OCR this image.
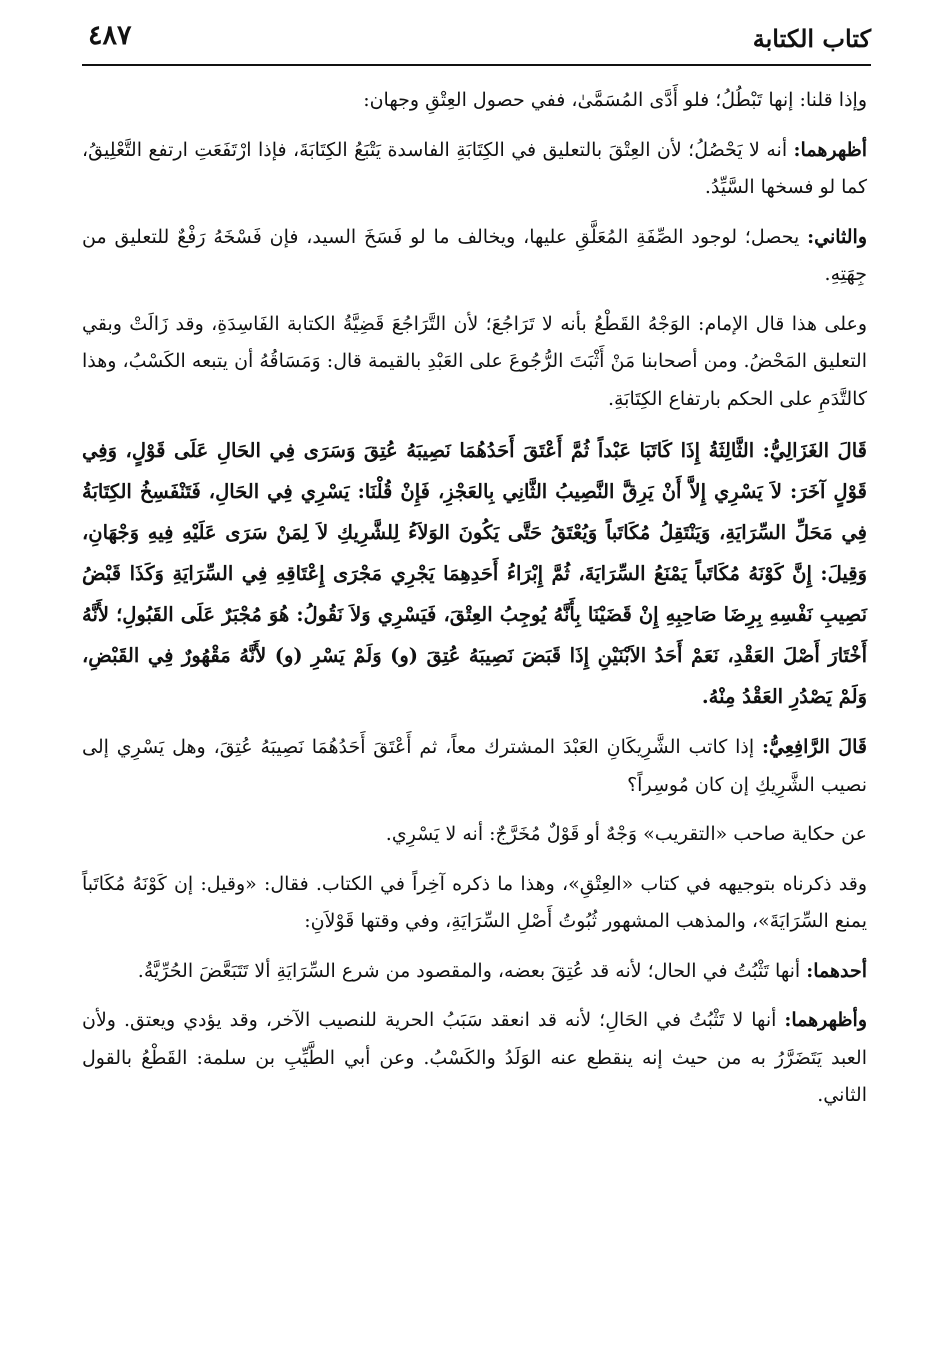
كتاب الكتابة
٤٨٧

وإذا قلنا: إنها تَبْطُلُ؛ فلو أَدَّى المُسَمَّىٰ، ففي حصول العِتْقِ وجهان:

أظهرهما: أنه لا يَحْصُلُ؛ لأن العِتْقَ بالتعليق في الكِتَابَةِ الفاسدة يَتْبَعُ الكِتَابَةَ، فإذا ارْتَفَعَتِ ارتفع التَّعْلِيقُ، كما لو فسخها السَّيِّدُ.

والثاني: يحصل؛ لوجود الصِّفَةِ المُعَلَّقِ عليها، ويخالف ما لو فَسَخَ السيد، فإن فَسْخَهُ رَفْعٌ للتعليق من جِهَتِهِ.

وعلى هذا قال الإمام: الوَجْهُ القَطْعُ بأنه لا تَرَاجُعَ؛ لأن التَّرَاجُعَ قَضِيَّةُ الكتابة الفَاسِدَةِ، وقد زَالَتْ وبقي التعليق المَحْضُ. ومن أصحابنا مَنْ أَثْبَتَ الرُّجُوعَ على العَبْدِ بالقيمة قال: وَمَسَاقُهُ أن يتبعه الكَسْبُ، وهذا كالتَّدَمِ على الحكم بارتفاع الكِتَابَةِ.

قَالَ الغَزَالِيُّ: الثَّالِثَةُ إِذَا كَاتَبَا عَبْداً ثُمَّ أَعْتَقَ أَحَدُهُمَا نَصِيبَهُ عُتِقَ وَسَرَى فِي الحَالِ عَلَى قَوْلٍ، وَفِي قَوْلٍ آخَرَ: لاَ يَسْرِي إِلاَّ أَنْ يَرِقَّ النَّصِيبُ الثَّانِي بِالعَجْزِ، فَإِنْ قُلْنَا: يَسْرِي فِي الحَالِ، فَتَنْفَسِخُ الكِتَابَةُ فِي مَحَلِّ السِّرَايَةِ، وَيَنْتَقِلُ مُكَاتَباً وَيُعْتَقُ حَتَّى يَكُونَ الوَلاَءُ لِلشَّرِيكِ لاَ لِمَنْ سَرَى عَلَيْهِ فِيهِ وَجْهَانِ، وَقِيلَ: إِنَّ كَوْنَهُ مُكَاتَباً يَمْنَعُ السِّرَايَةَ، ثُمَّ إِبْرَاءُ أَحَدِهِمَا يَجْرِي مَجْرَى إِعْتَاقِهِ فِي السِّرَايَةِ وَكَذَا قَبْضُ نَصِيبِ نَفْسِهِ بِرِضَا صَاحِبِهِ إِنْ قَضَيْنَا بِأَنَّهُ يُوجِبُ العِتْقَ، فَيَسْرِي وَلاَ نَقُولُ: هُوَ مُجْبَرٌ عَلَى القَبُولِ؛ لأَنَّهُ أَخْتَارَ أَصْلَ العَقْدِ، نَعَمْ أَحَدُ الاَبْنَيْنِ إِذَا قَبَضَ نَصِيبَهُ عُتِقَ (و) وَلَمْ يَسْرِ (و) لأَنَّهُ مَقْهُورٌ فِي القَبْضِ، وَلَمْ يَصْدُرِ العَقْدُ مِنْهُ.

قَالَ الرَّافِعِيُّ: إذا كاتب الشَّرِيكَانِ العَبْدَ المشترك معاً، ثم أَعْتَقَ أَحَدُهُمَا نَصِيبَهُ عُتِقَ، وهل يَسْرِي إلى نصيب الشَّرِيكِ إن كان مُوسِراً؟

عن حكاية صاحب «التقريب» وَجْهٌ أو قَوْلٌ مُخَرَّجٌ: أنه لا يَسْرِي.

وقد ذكرناه بتوجيهه في كتاب «العِتْقِ»، وهذا ما ذكره آخِراً في الكتاب. فقال: «وقيل: إن كَوْنَهُ مُكَاتَباً يمنع السِّرَايَةَ»، والمذهب المشهور ثُبُوتُ أَصْلِ السِّرَايَةِ، وفي وقتها قَوْلاَنِ:

أحدهما: أنها تَثْبُتُ في الحال؛ لأنه قد عُتِقَ بعضه، والمقصود من شرع السِّرَايَةِ ألا تَتَبَعَّضَ الحُرِّيَّةُ.

وأظهرهما: أنها لا تَثْبُتُ في الحَالِ؛ لأنه قد انعقد سَبَبُ الحرية للنصيب الآخر، وقد يؤدي ويعتق. ولأن العبد يَتَضَرَّرُ به من حيث إنه ينقطع عنه الوَلَدُ والكَسْبُ. وعن أبي الطَّيِّبِ بن سلمة: القَطْعُ بالقول الثاني.
